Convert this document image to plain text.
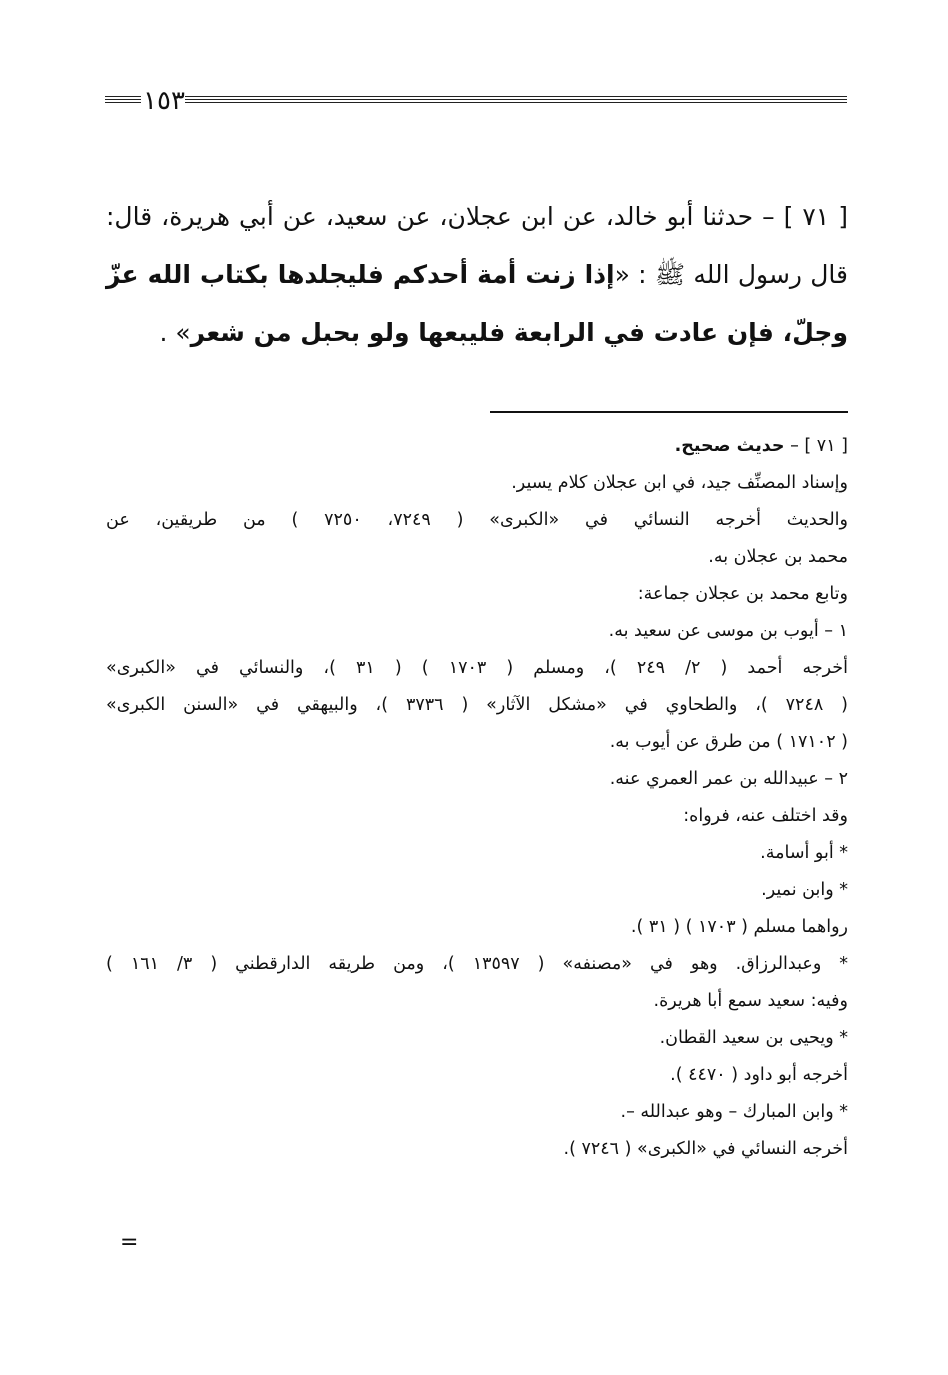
١٥٣
[ ٧١ ] – حدثنا أبو خالد، عن ابن عجلان، عن سعيد، عن أبي هريرة، قال: قال رسول الله ﷺ : «إذا زنت أمة أحدكم فليجلدها بكتاب الله عزّ وجلّ، فإن عادت في الرابعة فليبعها ولو بحبل من شعر» .
[ ٧١ ] – حديث صحيح.
وإسناد المصنِّف جيد، في ابن عجلان كلام يسير.
والحديث أخرجه النسائي في «الكبرى» ( ٧٢٤٩، ٧٢٥٠ ) من طريقين، عن
محمد بن عجلان به.
وتابع محمد بن عجلان جماعة:
١ – أيوب بن موسى عن سعيد به.
أخرجه أحمد ( ٢/ ٢٤٩ )، ومسلم ( ١٧٠٣ ) ( ٣١ )، والنسائي في «الكبرى»
( ٧٢٤٨ )، والطحاوي في «مشكل الآثار» ( ٣٧٣٦ )، والبيهقي في «السنن الكبرى»
( ١٧١٠٢ ) من طرق عن أيوب به.
٢ – عبيدالله بن عمر العمري عنه.
وقد اختلف عنه، فرواه:
* أبو أسامة.
* وابن نمير.
رواهما مسلم ( ١٧٠٣ ) ( ٣١ ).
* وعبدالرزاق. وهو في «مصنفه» ( ١٣٥٩٧ )، ومن طريقه الدارقطني ( ٣/ ١٦١ )
وفيه: سعيد سمع أبا هريرة.
* ويحيى بن سعيد القطان.
أخرجه أبو داود ( ٤٤٧٠ ).
* وابن المبارك – وهو عبدالله –.
أخرجه النسائي في «الكبرى» ( ٧٢٤٦ ).
=
